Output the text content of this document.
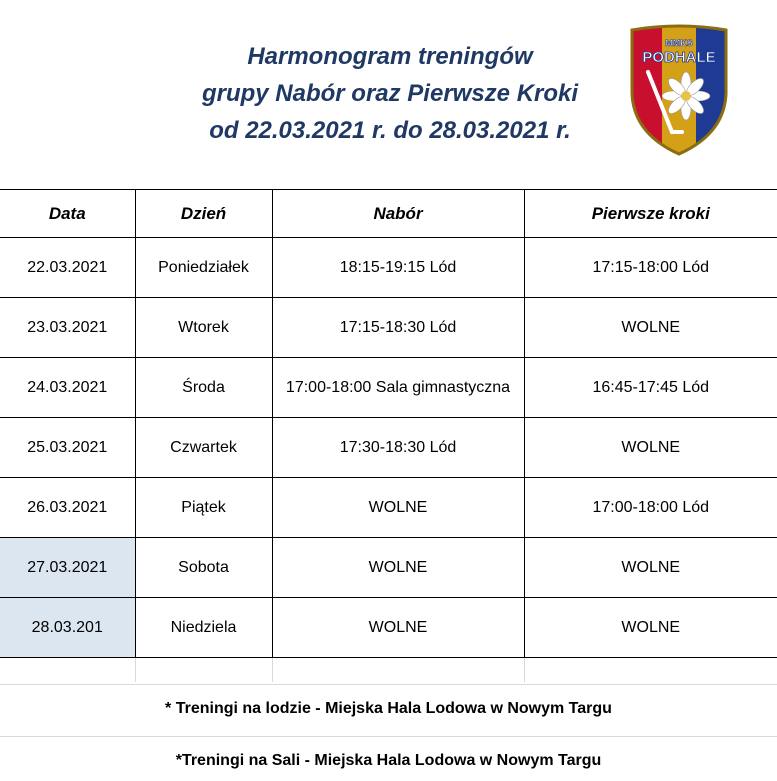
Harmonogram treningów
grupy Nabór oraz Pierwsze Kroki
od 22.03.2021 r. do 28.03.2021 r.
MMKS
PODHALE
Data	Dzień	Nabór	Pierwsze kroki
22.03.2021	Poniedziałek	18:15-19:15 Lód	17:15-18:00 Lód
23.03.2021	Wtorek	17:15-18:30 Lód	WOLNE
24.03.2021	Środa	17:00-18:00 Sala gimnastyczna	16:45-17:45 Lód
25.03.2021	Czwartek	17:30-18:30 Lód	WOLNE
26.03.2021	Piątek	WOLNE	17:00-18:00 Lód
27.03.2021	Sobota	WOLNE	WOLNE
28.03.201	Niedziela	WOLNE	WOLNE

* Treningi na lodzie - Miejska Hala Lodowa w Nowym Targu
*Treningi na Sali - Miejska Hala Lodowa w Nowym Targu
